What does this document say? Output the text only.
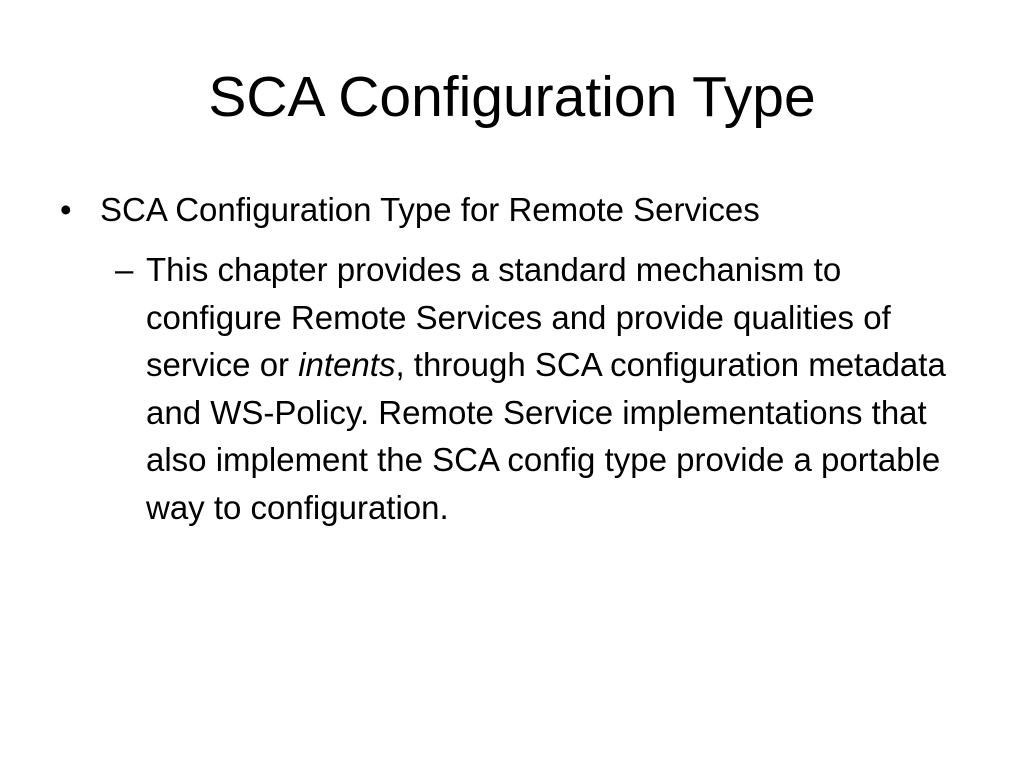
SCA Configuration Type
• SCA Configuration Type for Remote Services
– This chapter provides a standard mechanism to configure Remote Services and provide qualities of service or intents, through SCA configuration metadata and WS-Policy. Remote Service implementations that also implement the SCA config type provide a portable way to configuration.
